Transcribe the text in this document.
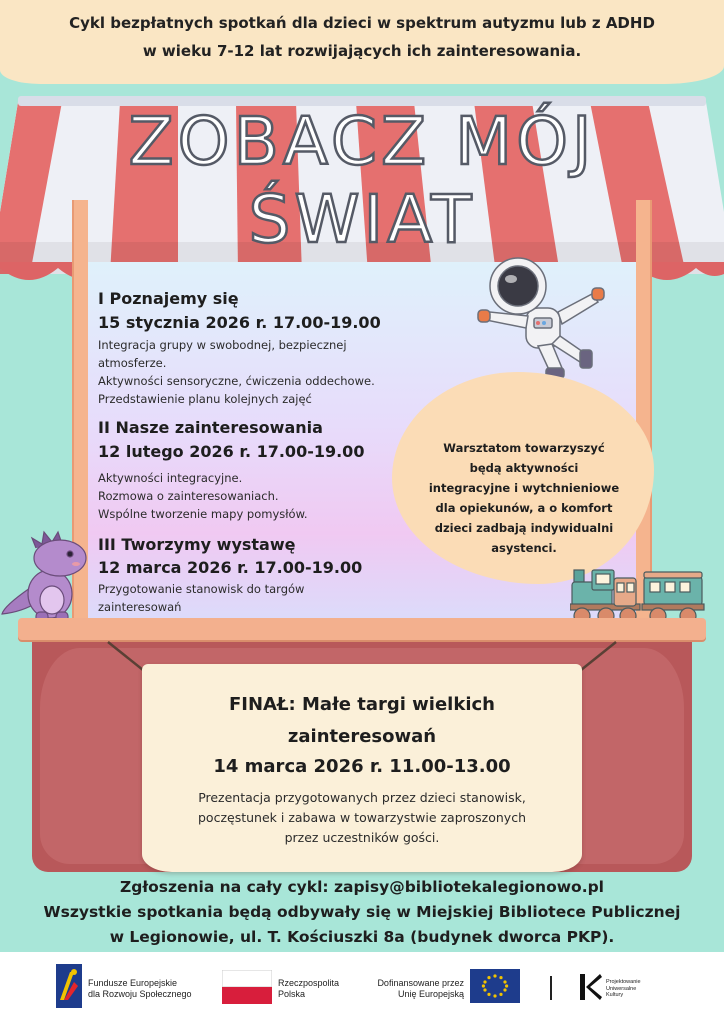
Cykl bezpłatnych spotkań dla dzieci w spektrum autyzmu lub z ADHD
w wieku 7-12 lat rozwijających ich zainteresowania.
ZOBACZ MÓJ
ŚWIAT
I Poznajemy się
15 stycznia 2026 r. 17.00-19.00
Integracja grupy w swobodnej, bezpiecznej
atmosferze.
Aktywności sensoryczne, ćwiczenia oddechowe.
Przedstawienie planu kolejnych zajęć
II Nasze zainteresowania
12 lutego 2026 r. 17.00-19.00
Aktywności integracyjne.
Rozmowa o zainteresowaniach.
Wspólne tworzenie mapy pomysłów.
III Tworzymy wystawę
12 marca 2026 r. 17.00-19.00
Przygotowanie stanowisk do targów
zainteresowań
Warsztatom towarzyszyć
będą aktywności
integracyjne i wytchnieniowe
dla opiekunów, a o komfort
dzieci zadbają indywidualni
asystenci.
FINAŁ: Małe targi wielkich
zainteresowań
14 marca 2026 r. 11.00-13.00
Prezentacja przygotowanych przez dzieci stanowisk,
poczęstunek i zabawa w towarzystwie zaproszonych
przez uczestników gości.
Zgłoszenia na cały cykl: zapisy@bibliotekalegionowo.pl
Wszystkie spotkania będą odbywały się w Miejskiej Bibliotece Publicznej
w Legionowie, ul. T. Kościuszki 8a (budynek dworca PKP).
Fundusze Europejskie
dla Rozwoju Społecznego
Rzeczpospolita
Polska
Dofinansowane przez
Unię Europejską
Projektowanie
Uniwersalne
Kultury
